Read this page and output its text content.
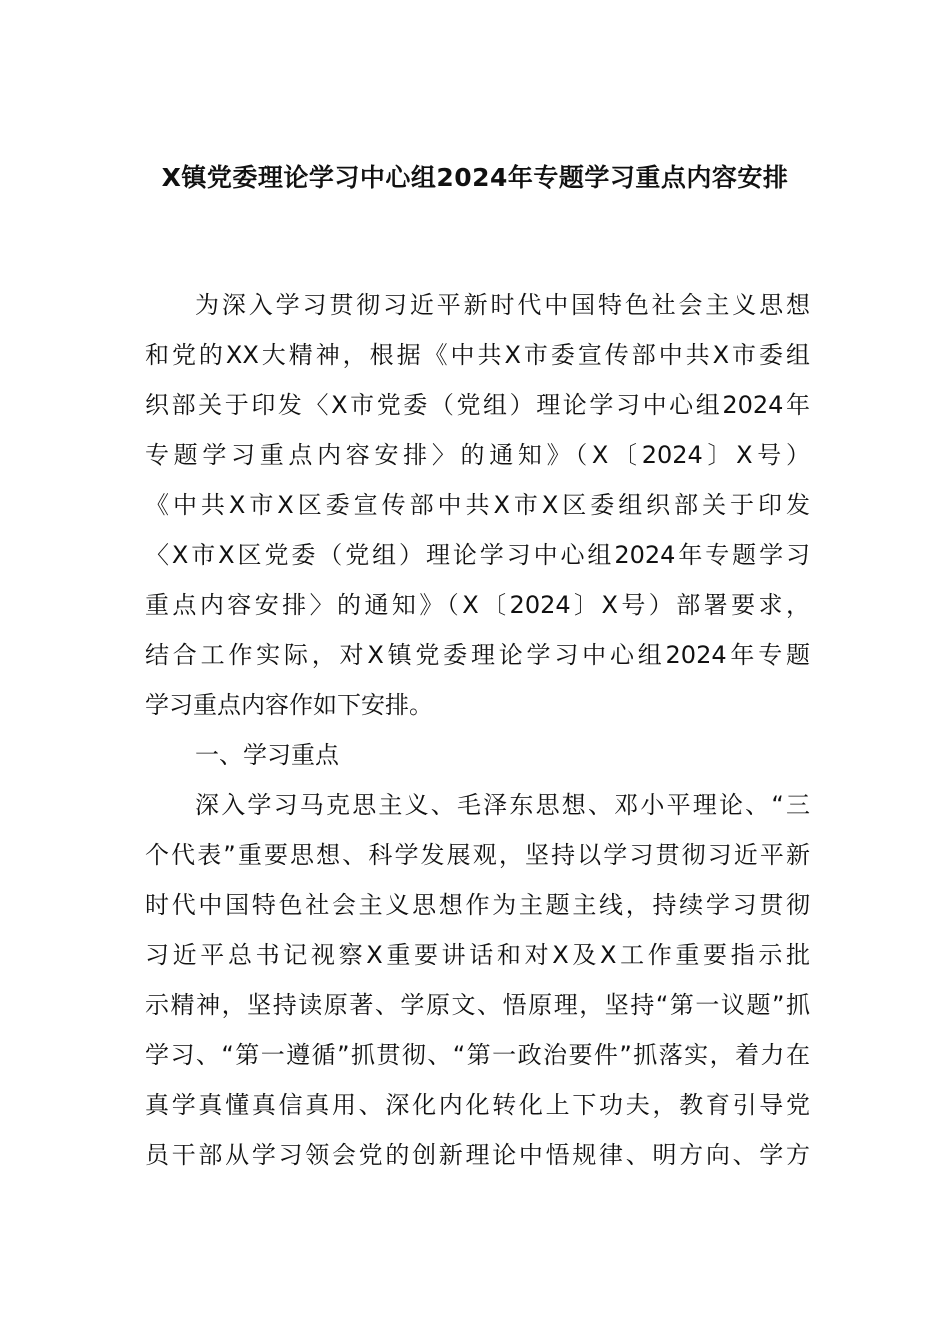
X镇党委理论学习中心组2024年专题学习重点内容安排
为深入学习贯彻习近平新时代中国特色社会主义思想
和党的XX大精神，根据《中共X市委宣传部中共X市委组
织部关于印发〈X市党委（党组）理论学习中心组2024年
专题学习重点内容安排〉的通知》（X〔2024〕X号）
《中共X市X区委宣传部中共X市X区委组织部关于印发
〈X市X区党委（党组）理论学习中心组2024年专题学习
重点内容安排〉的通知》（X〔2024〕X号）部署要求，
结合工作实际，对X镇党委理论学习中心组2024年专题
学习重点内容作如下安排。
一、学习重点
深入学习马克思主义、毛泽东思想、邓小平理论、“三
个代表”重要思想、科学发展观，坚持以学习贯彻习近平新
时代中国特色社会主义思想作为主题主线，持续学习贯彻
习近平总书记视察X重要讲话和对X及X工作重要指示批
示精神，坚持读原著、学原文、悟原理，坚持“第一议题”抓
学习、“第一遵循”抓贯彻、“第一政治要件”抓落实，着力在
真学真懂真信真用、深化内化转化上下功夫，教育引导党
员干部从学习领会党的创新理论中悟规律、明方向、学方
